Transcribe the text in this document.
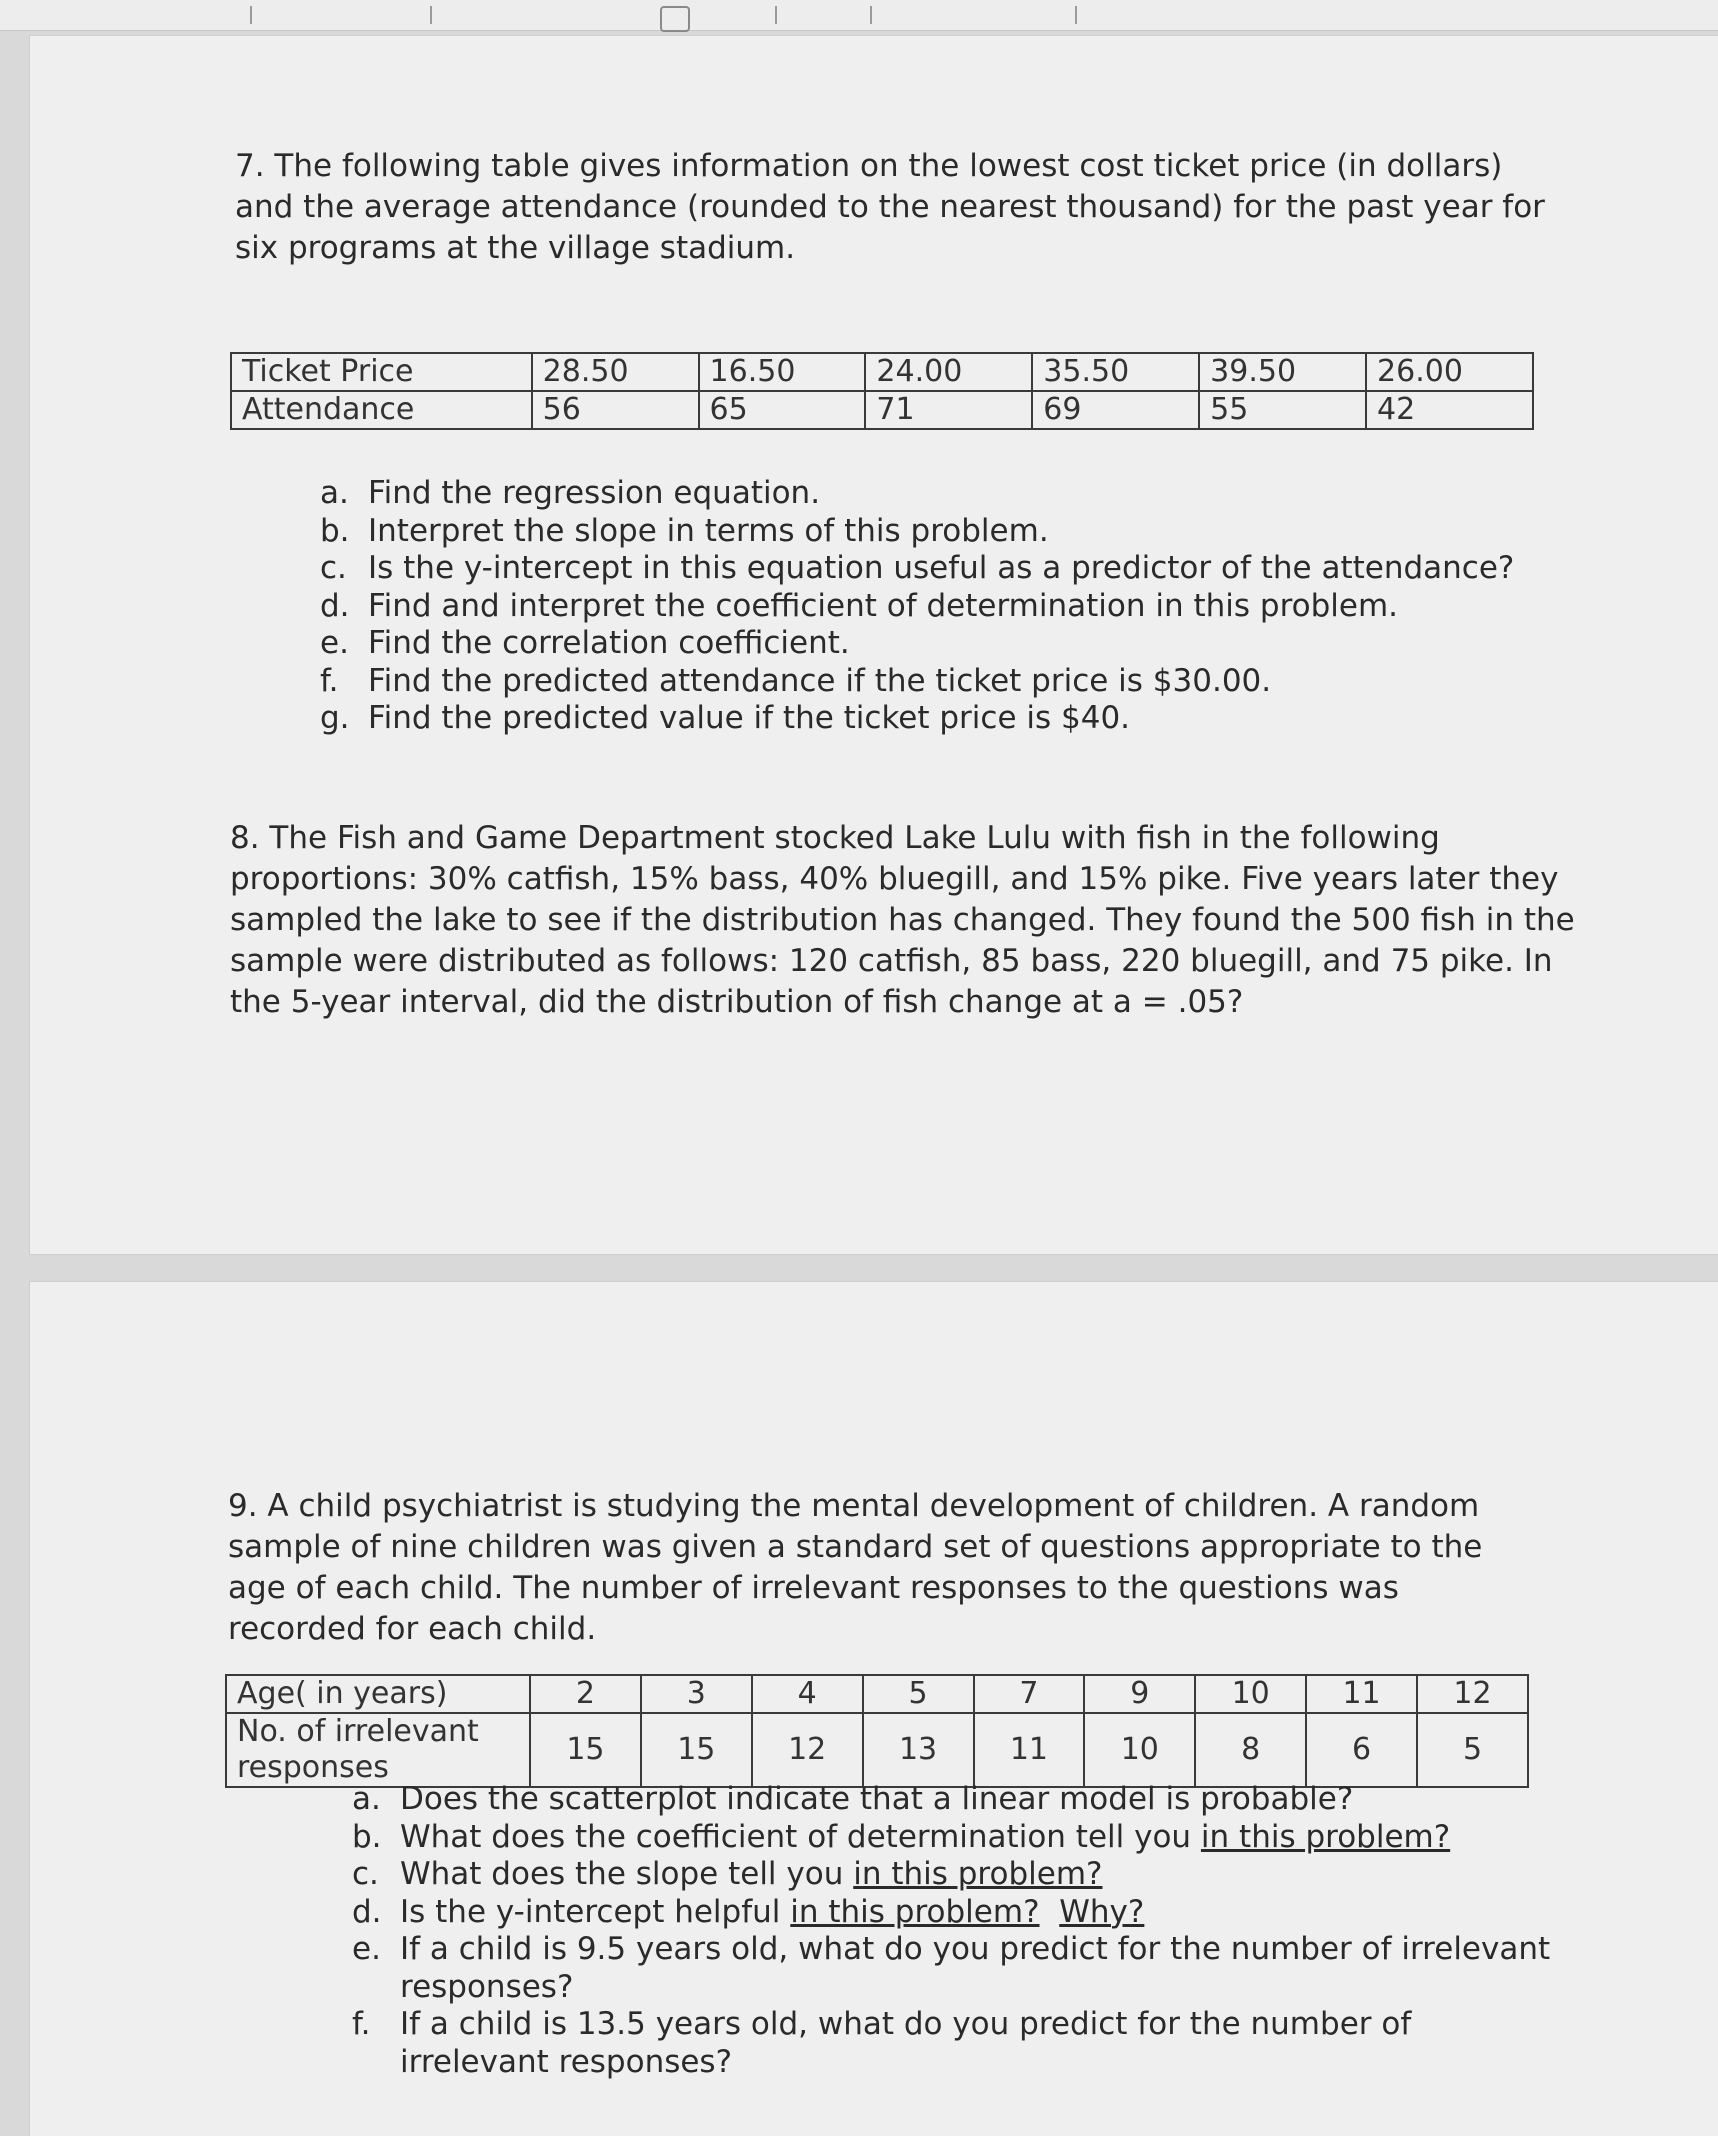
7. The following table gives information on the lowest cost ticket price (in dollars) and the average attendance (rounded to the nearest thousand) for the past year for six programs at the village stadium.

Ticket Price	28.50	16.50	24.00	35.50	39.50	26.00
Attendance	56	65	71	69	55	42
a. Find the regression equation.
b. Interpret the slope in terms of this problem.
c. Is the y-intercept in this equation useful as a predictor of the attendance?
d. Find and interpret the coefficient of determination in this problem.
e. Find the correlation coefficient.
f. Find the predicted attendance if the ticket price is $30.00.
g. Find the predicted value if the ticket price is $40.

8. The Fish and Game Department stocked Lake Lulu with fish in the following proportions: 30% catfish, 15% bass, 40% bluegill, and 15% pike. Five years later they sampled the lake to see if the distribution has changed. They found the 500 fish in the sample were distributed as follows: 120 catfish, 85 bass, 220 bluegill, and 75 pike. In the 5-year interval, did the distribution of fish change at a = .05?

9. A child psychiatrist is studying the mental development of children. A random sample of nine children was given a standard set of questions appropriate to the age of each child. The number of irrelevant responses to the questions was recorded for each child.

Age( in years)	2	3	4	5	7	9	10	11	12
No. of irrelevant responses	15	15	12	13	11	10	8	6	5
a. Does the scatterplot indicate that a linear model is probable?
b. What does the coefficient of determination tell you in this problem?
c. What does the slope tell you in this problem?
d. Is the y-intercept helpful in this problem? Why?
e. If a child is 9.5 years old, what do you predict for the number of irrelevant responses?
f. If a child is 13.5 years old, what do you predict for the number of irrelevant responses?
